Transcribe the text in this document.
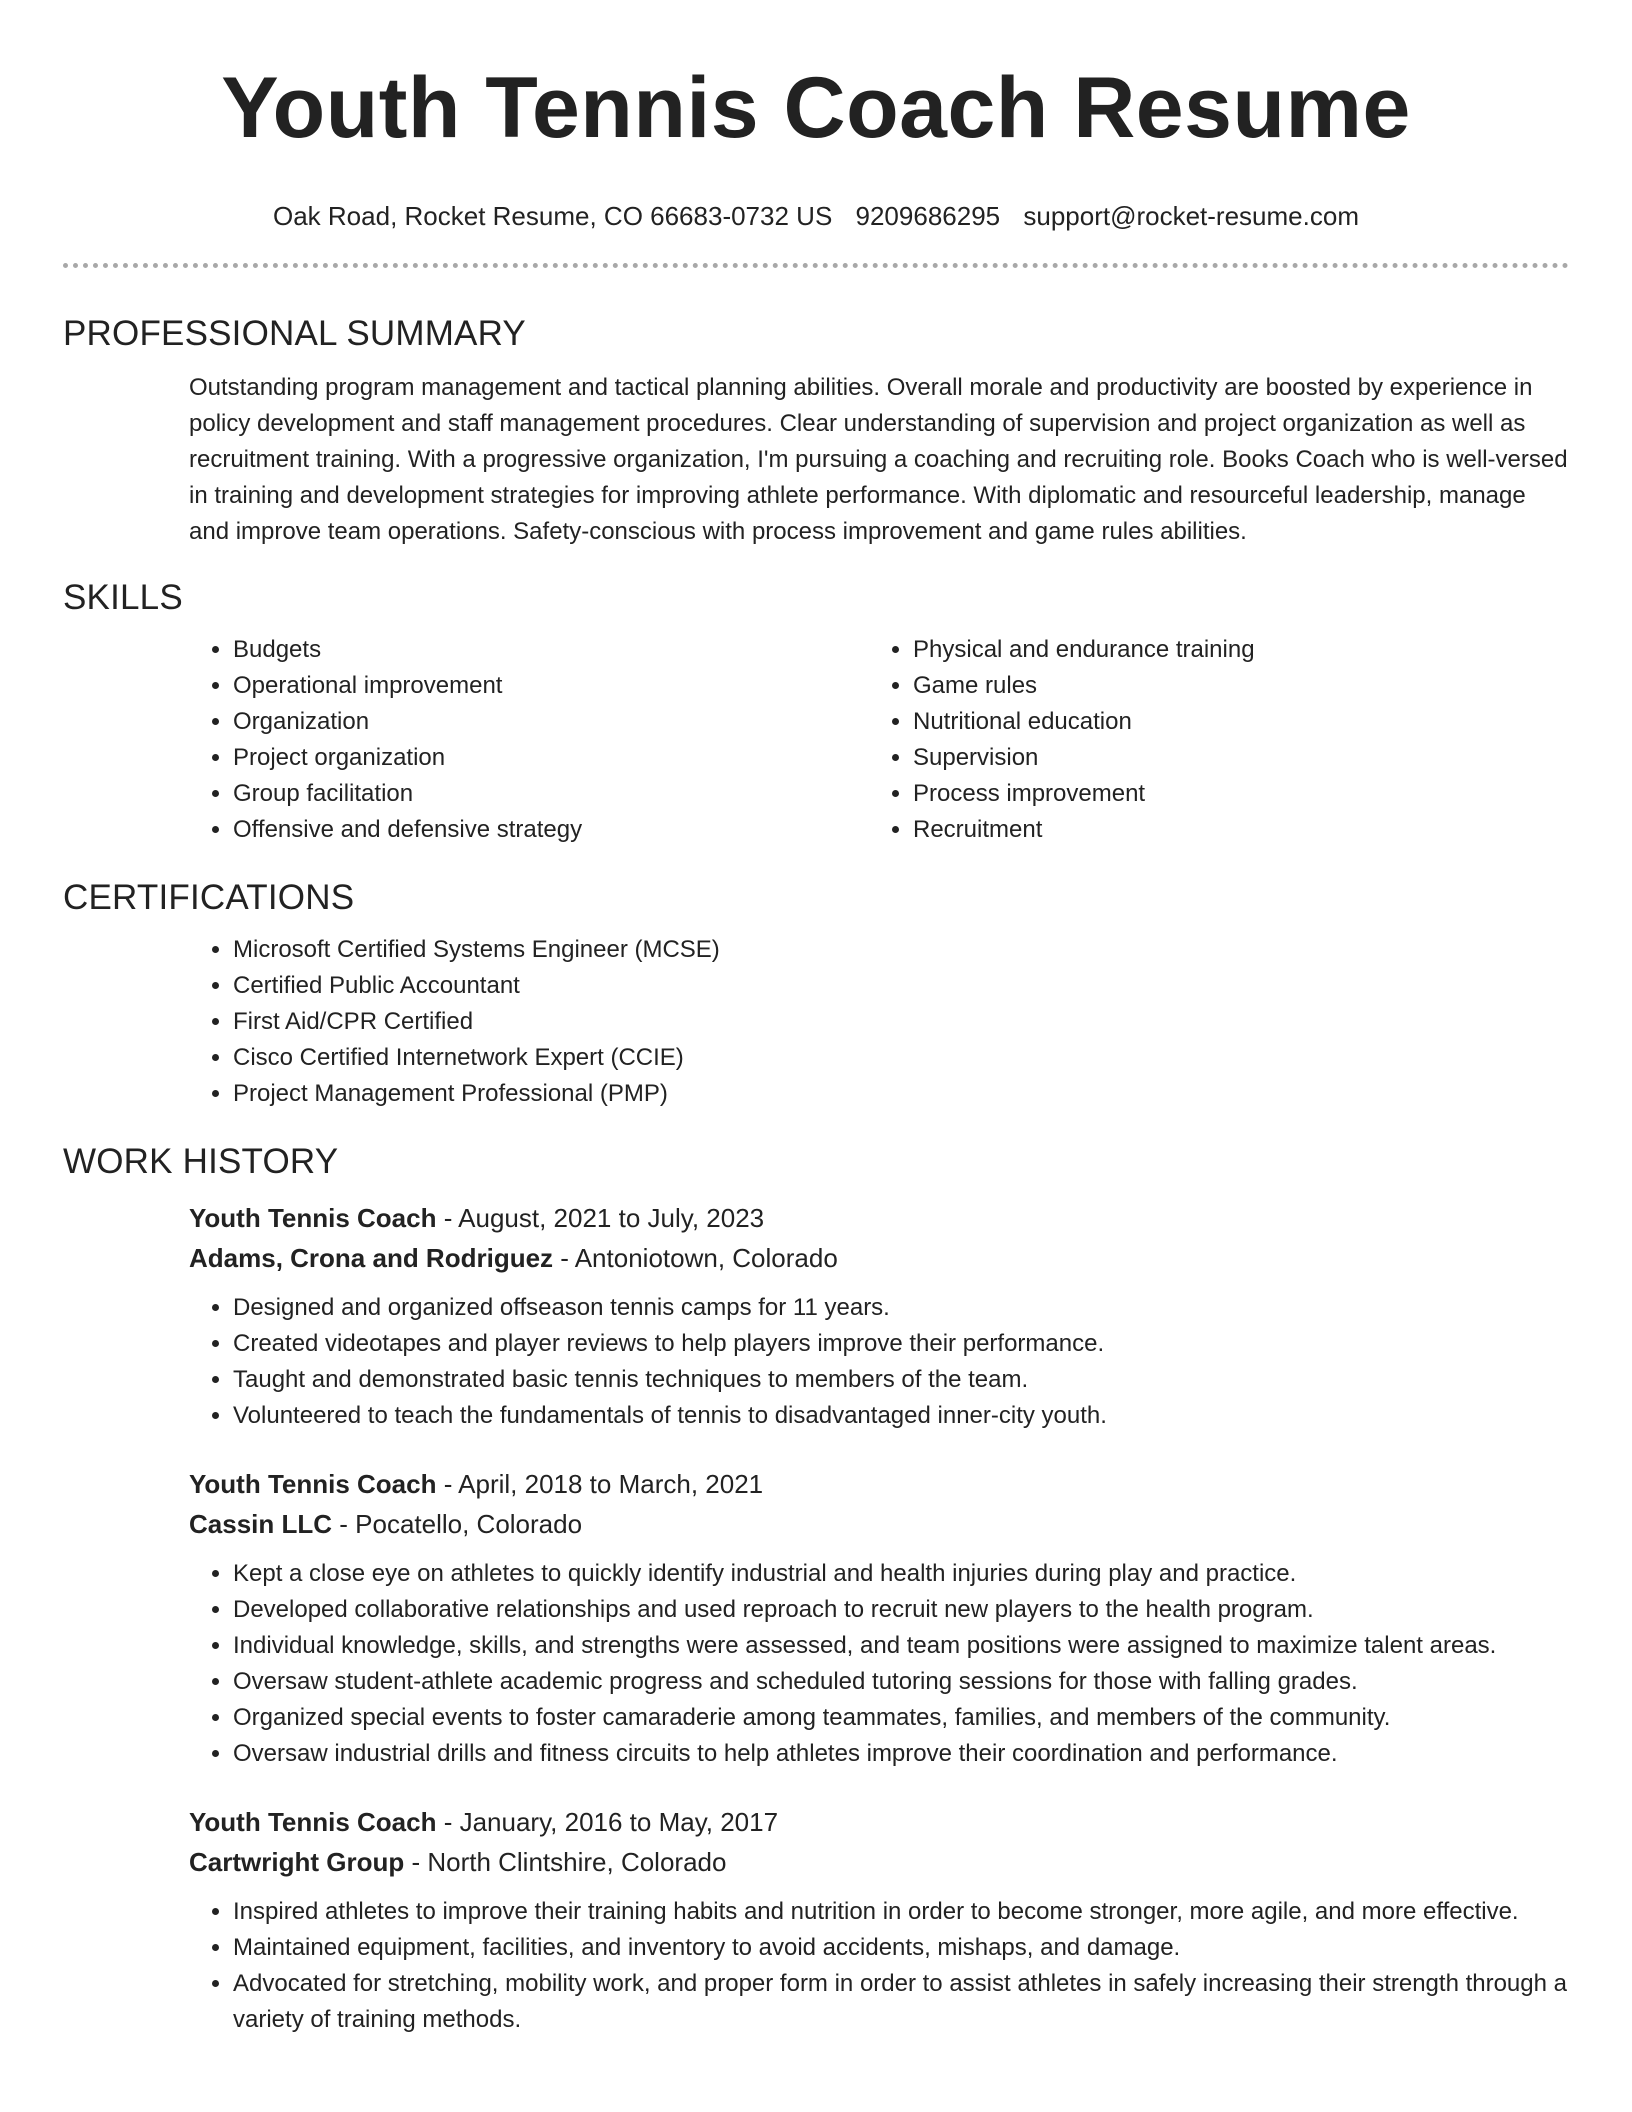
Youth Tennis Coach Resume
Oak Road, Rocket Resume, CO 66683-0732 US 9209686295 support@rocket-resume.com
PROFESSIONAL SUMMARY

Outstanding program management and tactical planning abilities. Overall morale and productivity are boosted by experience in policy development and staff management procedures. Clear understanding of supervision and project organization as well as recruitment training. With a progressive organization, I'm pursuing a coaching and recruiting role. Books Coach who is well-versed in training and development strategies for improving athlete performance. With diplomatic and resourceful leadership, manage and improve team operations. Safety-conscious with process improvement and game rules abilities.

SKILLS
• Budgets
• Operational improvement
• Organization
• Project organization
• Group facilitation
• Offensive and defensive strategy
• Physical and endurance training
• Game rules
• Nutritional education
• Supervision
• Process improvement
• Recruitment
CERTIFICATIONS
• Microsoft Certified Systems Engineer (MCSE)
• Certified Public Accountant
• First Aid/CPR Certified
• Cisco Certified Internetwork Expert (CCIE)
• Project Management Professional (PMP)
WORK HISTORY
Youth Tennis Coach - August, 2021 to July, 2023
Adams, Crona and Rodriguez - Antoniotown, Colorado
• Designed and organized offseason tennis camps for 11 years.
• Created videotapes and player reviews to help players improve their performance.
• Taught and demonstrated basic tennis techniques to members of the team.
• Volunteered to teach the fundamentals of tennis to disadvantaged inner-city youth.
Youth Tennis Coach - April, 2018 to March, 2021
Cassin LLC - Pocatello, Colorado
• Kept a close eye on athletes to quickly identify industrial and health injuries during play and practice.
• Developed collaborative relationships and used reproach to recruit new players to the health program.
• Individual knowledge, skills, and strengths were assessed, and team positions were assigned to maximize talent areas.
• Oversaw student-athlete academic progress and scheduled tutoring sessions for those with falling grades.
• Organized special events to foster camaraderie among teammates, families, and members of the community.
• Oversaw industrial drills and fitness circuits to help athletes improve their coordination and performance.
Youth Tennis Coach - January, 2016 to May, 2017
Cartwright Group - North Clintshire, Colorado
• Inspired athletes to improve their training habits and nutrition in order to become stronger, more agile, and more effective.
• Maintained equipment, facilities, and inventory to avoid accidents, mishaps, and damage.
• Advocated for stretching, mobility work, and proper form in order to assist athletes in safely increasing their strength through a variety of training methods.
